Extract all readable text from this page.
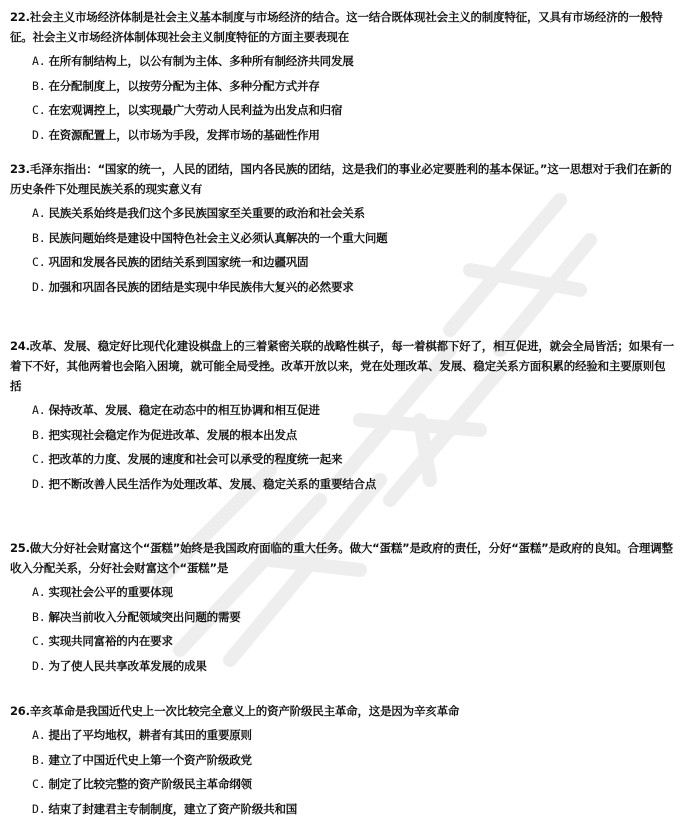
22.社会主义市场经济体制是社会主义基本制度与市场经济的结合。这一结合既体现社会主义的制度特征，又具有市场经济的一般特征。社会主义市场经济体制体现社会主义制度特征的方面主要表现在

A. 在所有制结构上，以公有制为主体、多种所有制经济共同发展
B. 在分配制度上，以按劳分配为主体、多种分配方式并存
C. 在宏观调控上，以实现最广大劳动人民利益为出发点和归宿
D. 在资源配置上，以市场为手段，发挥市场的基础性作用

23.毛泽东指出：“国家的统一，人民的团结，国内各民族的团结，这是我们的事业必定要胜利的基本保证。”这一思想对于我们在新的历史条件下处理民族关系的现实意义有

A. 民族关系始终是我们这个多民族国家至关重要的政治和社会关系
B. 民族问题始终是建设中国特色社会主义必须认真解决的一个重大问题
C. 巩固和发展各民族的团结关系到国家统一和边疆巩固
D. 加强和巩固各民族的团结是实现中华民族伟大复兴的必然要求

24.改革、发展、稳定好比现代化建设棋盘上的三着紧密关联的战略性棋子，每一着棋都下好了，相互促进，就会全局皆活；如果有一着下不好，其他两着也会陷入困境，就可能全局受挫。改革开放以来，党在处理改革、发展、稳定关系方面积累的经验和主要原则包括

A. 保持改革、发展、稳定在动态中的相互协调和相互促进
B. 把实现社会稳定作为促进改革、发展的根本出发点
C. 把改革的力度、发展的速度和社会可以承受的程度统一起来
D. 把不断改善人民生活作为处理改革、发展、稳定关系的重要结合点

25.做大分好社会财富这个“蛋糕”始终是我国政府面临的重大任务。做大“蛋糕”是政府的责任，分好“蛋糕”是政府的良知。合理调整收入分配关系，分好社会财富这个“蛋糕”是

A. 实现社会公平的重要体现
B. 解决当前收入分配领域突出问题的需要
C. 实现共同富裕的内在要求
D. 为了使人民共享改革发展的成果

26.辛亥革命是我国近代史上一次比较完全意义上的资产阶级民主革命，这是因为辛亥革命

A. 提出了平均地权，耕者有其田的重要原则
B. 建立了中国近代史上第一个资产阶级政党
C. 制定了比较完整的资产阶级民主革命纲领
D. 结束了封建君主专制制度，建立了资产阶级共和国
